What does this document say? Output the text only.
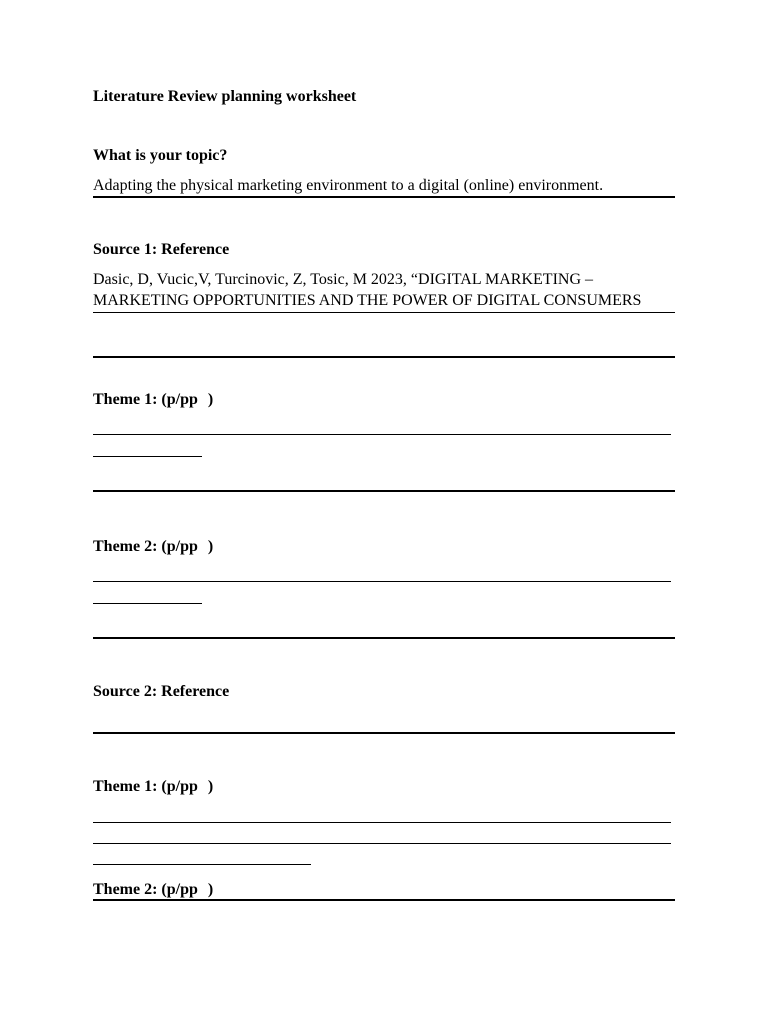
Literature Review planning worksheet

What is your topic?

Adapting the physical marketing environment to a digital (online) environment.

Source 1: Reference

Dasic, D, Vucic,V, Turcinovic, Z, Tosic, M 2023, “DIGITAL MARKETING –

MARKETING OPPORTUNITIES AND THE POWER OF DIGITAL CONSUMERS

Theme 1: (p/pp )

Theme 2: (p/pp )

Source 2: Reference

Theme 1: (p/pp )

Theme 2: (p/pp )
